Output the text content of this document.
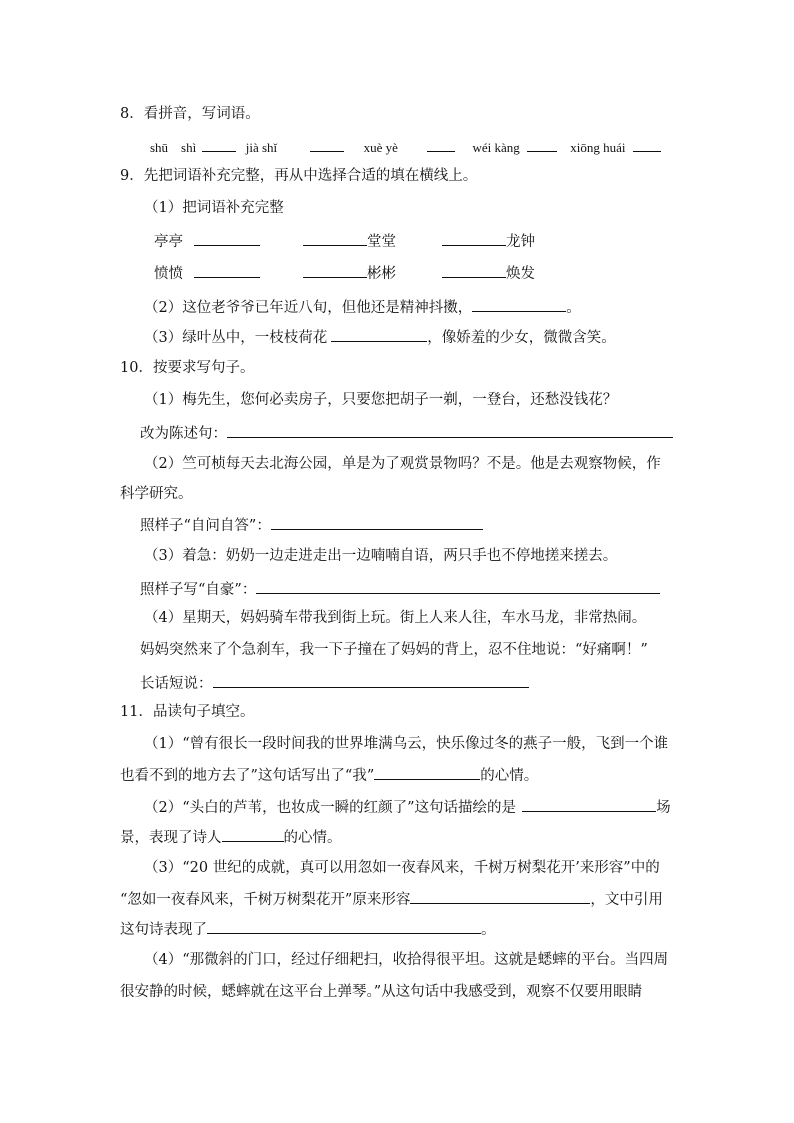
8．看拼音，写词语。
shū　shì	jià shǐ	xuè yè	wéi kàng	xiōng huái
9．先把词语补充完整，再从中选择合适的填在横线上。
（1）把词语补充完整
亭亭	堂堂	龙钟
愤愤	彬彬	焕发
（2）这位老爷爷已年近八旬，但他还是精神抖擞，	。
（3）绿叶丛中，一枝枝荷花	，像娇羞的少女，微微含笑。
10．按要求写句子。
（1）梅先生，您何必卖房子，只要您把胡子一剃，一登台，还愁没钱花？
改为陈述句：
（2）竺可桢每天去北海公园，单是为了观赏景物吗？不是。他是去观察物候，作
科学研究。
照样子“自问自答”：
（3）着急：奶奶一边走进走出一边喃喃自语，两只手也不停地搓来搓去。
照样子写“自豪”：
（4）星期天，妈妈骑车带我到街上玩。街上人来人往，车水马龙，非常热闹。
妈妈突然来了个急刹车，我一下子撞在了妈妈的背上，忍不住地说：“好痛啊！”
长话短说：
11．品读句子填空。
（1）“曾有很长一段时间我的世界堆满乌云，快乐像过冬的燕子一般，飞到一个谁
也看不到的地方去了”这句话写出了“我”	的心情。
（2）“头白的芦苇，也妆成一瞬的红颜了”这句话描绘的是	场
景，表现了诗人	的心情。
（3）“20 世纪的成就，真可以用忽如一夜春风来，千树万树梨花开’来形容”中的
“忽如一夜春风来，千树万树梨花开”原来形容	，文中引用
这句诗表现了	。
（4）“那微斜的门口，经过仔细耙扫，收拾得很平坦。这就是蟋蟀的平台。当四周
很安静的时候，蟋蟀就在这平台上弹琴。”从这句话中我感受到，观察不仅要用眼睛
